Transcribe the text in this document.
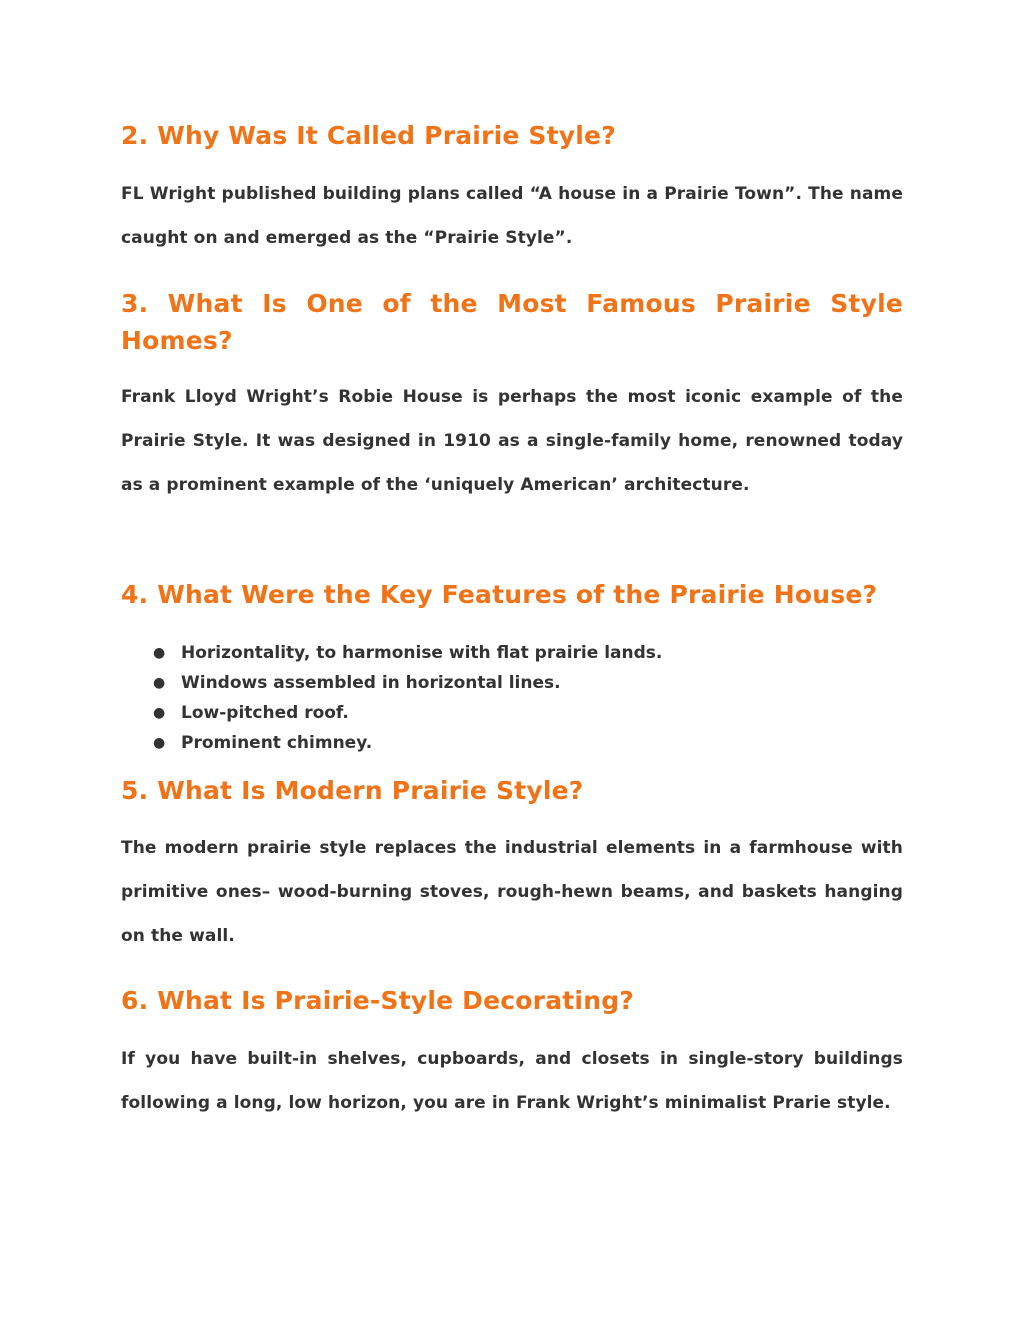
2. Why Was It Called Prairie Style?

FL Wright published building plans called “A house in a Prairie Town”. The name caught on and emerged as the “Prairie Style”.

3. What Is One of the Most Famous Prairie Style Homes?

Frank Lloyd Wright’s Robie House is perhaps the most iconic example of the Prairie Style. It was designed in 1910 as a single-family home, renowned today as a prominent example of the ‘uniquely American’ architecture.

4. What Were the Key Features of the Prairie House?
● Horizontality, to harmonise with flat prairie lands.
● Windows assembled in horizontal lines.
● Low-pitched roof.
● Prominent chimney.
5. What Is Modern Prairie Style?

The modern prairie style replaces the industrial elements in a farmhouse with primitive ones– wood-burning stoves, rough-hewn beams, and baskets hanging on the wall.

6. What Is Prairie-Style Decorating?

If you have built-in shelves, cupboards, and closets in single-story buildings following a long, low horizon, you are in Frank Wright’s minimalist Prarie style.
